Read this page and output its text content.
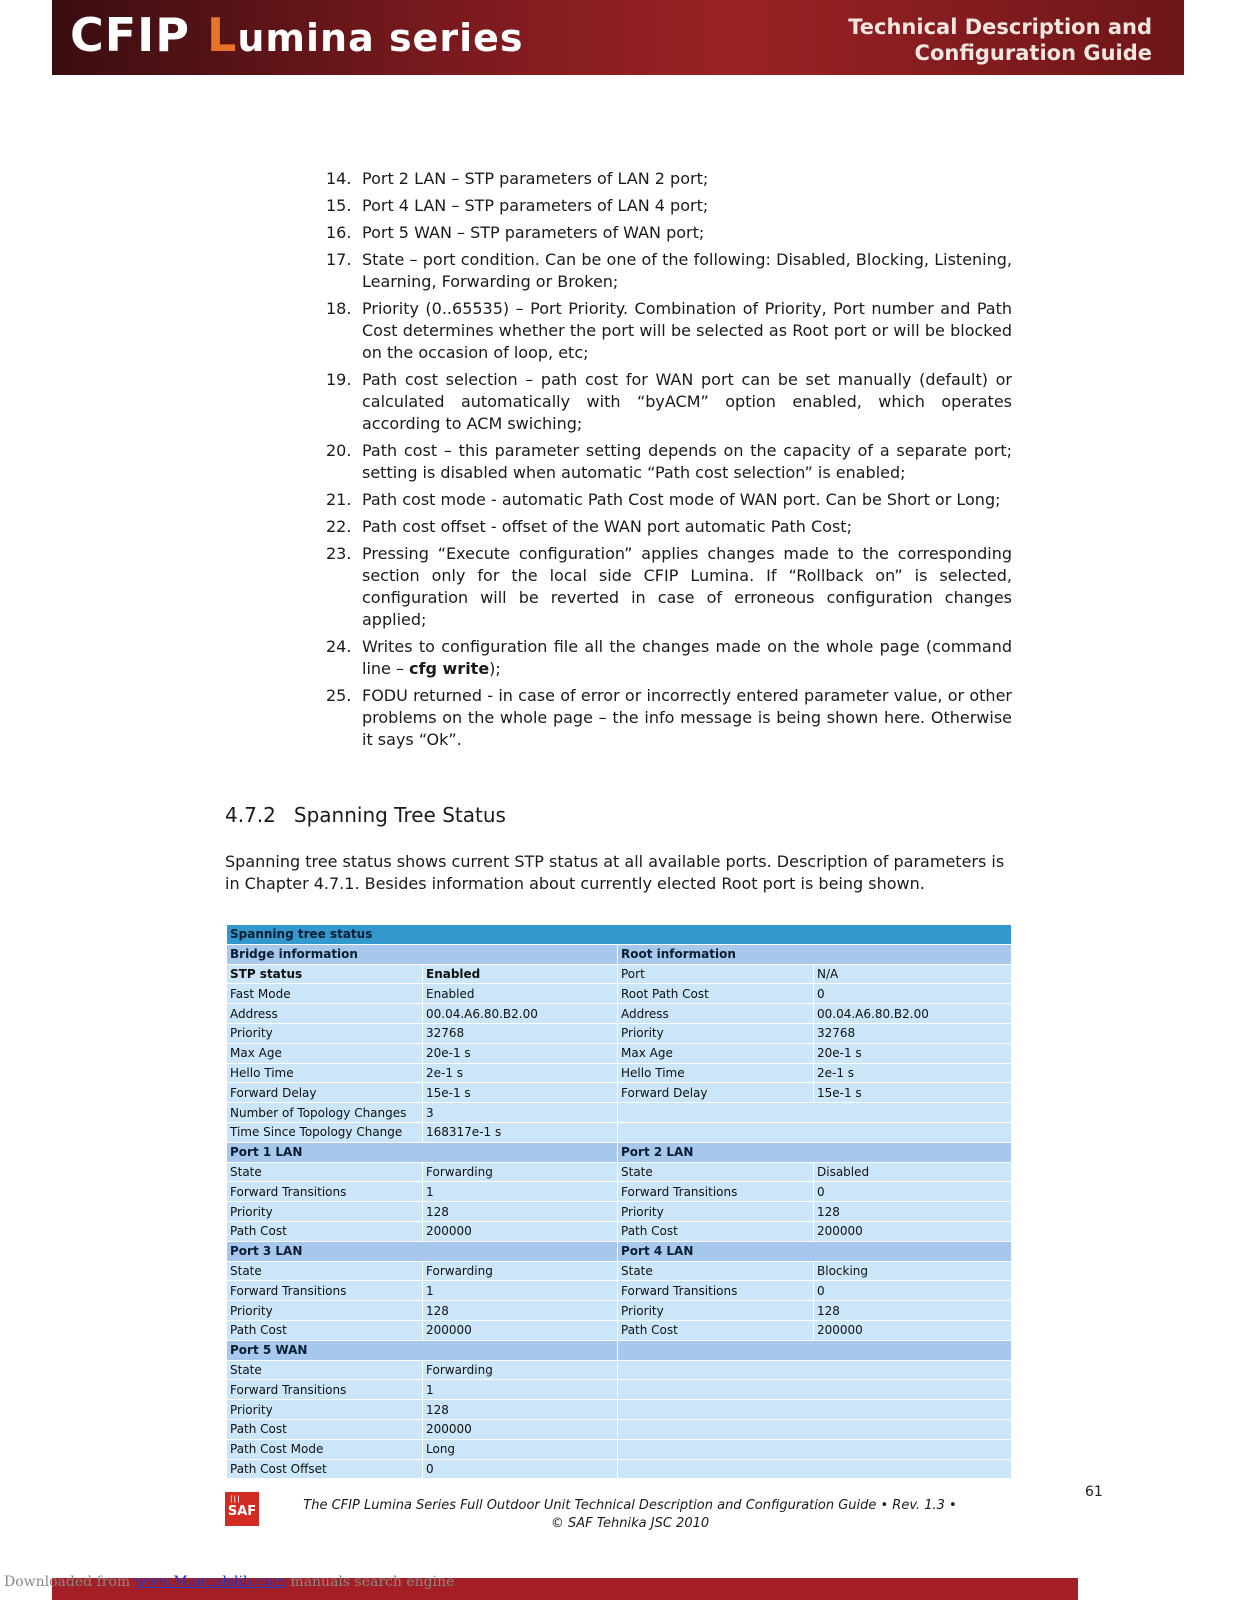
CFIP Lumina series	Technical Description and
Configuration Guide
14. Port 2 LAN – STP parameters of LAN 2 port;
15. Port 4 LAN – STP parameters of LAN 4 port;
16. Port 5 WAN – STP parameters of WAN port;
17. State – port condition. Can be one of the following: Disabled, Blocking, Listening, Learning, Forwarding or Broken;
18. Priority (0..65535) – Port Priority. Combination of Priority, Port number and Path Cost determines whether the port will be selected as Root port or will be blocked on the occasion of loop, etc;
19. Path cost selection – path cost for WAN port can be set manually (default) or calculated automatically with “byACM” option enabled, which operates according to ACM swiching;
20. Path cost – this parameter setting depends on the capacity of a separate port; setting is disabled when automatic “Path cost selection” is enabled;
21. Path cost mode - automatic Path Cost mode of WAN port. Can be Short or Long;
22. Path cost offset - offset of the WAN port automatic Path Cost;
23. Pressing “Execute configuration” applies changes made to the corresponding section only for the local side CFIP Lumina. If “Rollback on” is selected, configuration will be reverted in case of erroneous configuration changes applied;
24. Writes to configuration file all the changes made on the whole page (command line – cfg write);
25. FODU returned - in case of error or incorrectly entered parameter value, or other problems on the whole page – the info message is being shown here. Otherwise it says “Ok”.
4.7.2 Spanning Tree Status
Spanning tree status shows current STP status at all available ports. Description of parameters is in Chapter 4.7.1. Besides information about currently elected Root port is being shown.
Spanning tree status			
Bridge information		Root information	
STP status	Enabled	Port	N/A
Fast Mode	Enabled	Root Path Cost	0
Address	00.04.A6.80.B2.00	Address	00.04.A6.80.B2.00
Priority	32768	Priority	32768
Max Age	20e-1 s	Max Age	20e-1 s
Hello Time	2e-1 s	Hello Time	2e-1 s
Forward Delay	15e-1 s	Forward Delay	15e-1 s
Number of Topology Changes	3		
Time Since Topology Change	168317e-1 s		
Port 1 LAN		Port 2 LAN	
State	Forwarding	State	Disabled
Forward Transitions	1	Forward Transitions	0
Priority	128	Priority	128
Path Cost	200000	Path Cost	200000
Port 3 LAN		Port 4 LAN	
State	Forwarding	State	Blocking
Forward Transitions	1	Forward Transitions	0
Priority	128	Priority	128
Path Cost	200000	Path Cost	200000
Port 5 WAN			
State	Forwarding		
Forward Transitions	1		
Priority	128		
Path Cost	200000		
Path Cost Mode	Long		
Path Cost Offset	0		
61
|||
SAF	The CFIP Lumina Series Full Outdoor Unit Technical Description and Configuration Guide • Rev. 1.3 •
© SAF Tehnika JSC 2010
Downloaded from www.Manualslib.com manuals search engine
